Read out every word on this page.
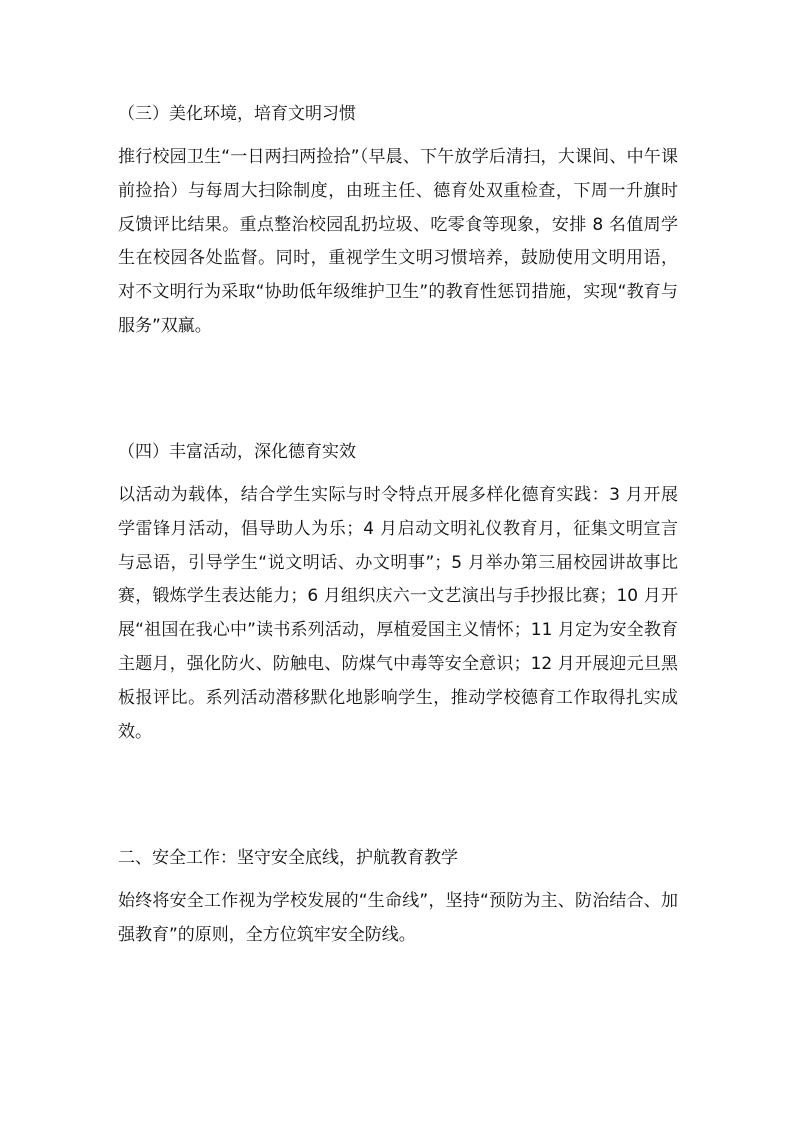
（三）美化环境，培育文明习惯

推行校园卫生“一日两扫两捡拾”（早晨、下午放学后清扫，大课间、中午课前捡拾）与每周大扫除制度，由班主任、德育处双重检查，下周一升旗时反馈评比结果。重点整治校园乱扔垃圾、吃零食等现象，安排 8 名值周学生在校园各处监督。同时，重视学生文明习惯培养，鼓励使用文明用语，对不文明行为采取“协助低年级维护卫生”的教育性惩罚措施，实现“教育与服务”双赢。

（四）丰富活动，深化德育实效

以活动为载体，结合学生实际与时令特点开展多样化德育实践：3 月开展学雷锋月活动，倡导助人为乐；4 月启动文明礼仪教育月，征集文明宣言与忌语，引导学生“说文明话、办文明事”；5 月举办第三届校园讲故事比赛，锻炼学生表达能力；6 月组织庆六一文艺演出与手抄报比赛；10 月开展“祖国在我心中”读书系列活动，厚植爱国主义情怀；11 月定为安全教育主题月，强化防火、防触电、防煤气中毒等安全意识；12 月开展迎元旦黑板报评比。系列活动潜移默化地影响学生，推动学校德育工作取得扎实成效。

二、安全工作：坚守安全底线，护航教育教学

始终将安全工作视为学校发展的“生命线”，坚持“预防为主、防治结合、加强教育”的原则，全方位筑牢安全防线。
